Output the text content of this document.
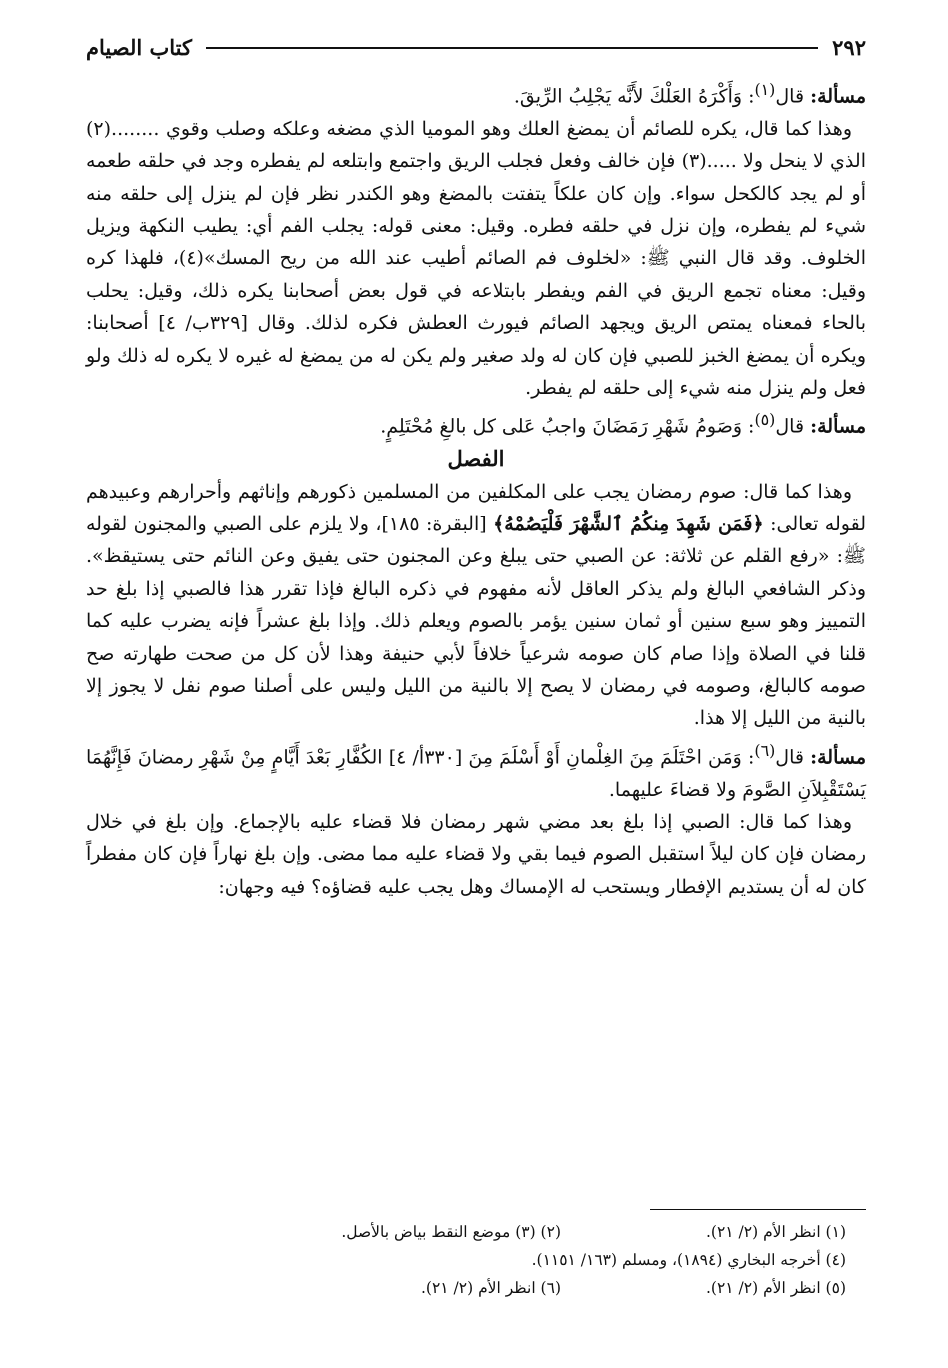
٢٩٢
كتاب الصيام

مسألة: قال$^{(١)}$: وَأَكْرَهُ العَلْكَ لأَنَّه يَجْلِبُ الرِّيقَ.

وهذا كما قال، يكره للصائم أن يمضغ العلك وهو الموميا الذي مضغه وعلكه وصلب وقوي ........(٢) الذي لا ينحل ولا .....(٣) فإن خالف وفعل فجلب الريق واجتمع وابتلعه لم يفطره وجد في حلقه طعمه أو لم يجد كالكحل سواء. وإن كان علكاً يتفتت بالمضغ وهو الكندر نظر فإن لم ينزل إلى حلقه منه شيء لم يفطره، وإن نزل في حلقه فطره. وقيل: معنى قوله: يجلب الفم أي: يطيب النكهة ويزيل الخلوف. وقد قال النبي ﷺ: «لخلوف فم الصائم أطيب عند الله من ريح المسك»(٤)، فلهذا كره وقيل: معناه تجمع الريق في الفم ويفطر بابتلاعه في قول بعض أصحابنا يكره ذلك، وقيل: يحلب بالحاء فمعناه يمتص الريق ويجهد الصائم فيورث العطش فكره لذلك. وقال [٣٢٩ب/ ٤] أصحابنا: ويكره أن يمضغ الخبز للصبي فإن كان له ولد صغير ولم يكن له من يمضغ له غيره لا يكره له ذلك ولو فعل ولم ينزل منه شيء إلى حلقه لم يفطر.

مسألة: قال$^{(٥)}$: وَصَومُ شَهْرِ رَمَضَانَ واجبُ عَلى كل بالغِ مُحْتَلِمٍ.

الفصل

وهذا كما قال: صوم رمضان يجب على المكلفين من المسلمين ذكورهم وإناثهم وأحرارهم وعبيدهم لقوله تعالى: ﴿فَمَن شَهِدَ مِنكُمُ ٱلشَّهْرَ فَلْيَصُمْهُ﴾ [البقرة: ١٨٥]، ولا يلزم على الصبي والمجنون لقوله ﷺ: «رفع القلم عن ثلاثة: عن الصبي حتى يبلغ وعن المجنون حتى يفيق وعن النائم حتى يستيقظ». وذكر الشافعي البالغ ولم يذكر العاقل لأنه مفهوم في ذكره البالغ فإذا تقرر هذا فالصبي إذا بلغ حد التمييز وهو سبع سنين أو ثمان سنين يؤمر بالصوم ويعلم ذلك. وإذا بلغ عشراً فإنه يضرب عليه كما قلنا في الصلاة وإذا صام كان صومه شرعياً خلافاً لأبي حنيفة وهذا لأن كل من صحت طهارته صح صومه كالبالغ، وصومه في رمضان لا يصح إلا بالنية من الليل وليس على أصلنا صوم نفل لا يجوز إلا بالنية من الليل إلا هذا.

مسألة: قال$^{(٦)}$: وَمَن احْتَلَمَ مِنَ الغِلْمانِ أَوْ أَسْلَمَ مِنَ [٣٣٠أ/ ٤] الكُفَّارِ بَعْدَ أَيَّامٍ مِنْ شَهْرِ رمضانَ فَإِنَّهُمَا يَسْتَقْبِلاَنِ الصَّومَ ولا قضاءَ عليهما.

وهذا كما قال: الصبي إذا بلغ بعد مضي شهر رمضان فلا قضاء عليه بالإجماع. وإن بلغ في خلال رمضان فإن كان ليلاً استقبل الصوم فيما بقي ولا قضاء عليه مما مضى. وإن بلغ نهاراً فإن كان مفطراً كان له أن يستديم الإفطار ويستحب له الإمساك وهل يجب عليه قضاؤه؟ فيه وجهان:

(١) انظر الأم (٢/ ٢١).
(٢) (٣) موضع النقط بياض بالأصل.
(٤) أخرجه البخاري (١٨٩٤)، ومسلم (١٦٣/ ١١٥١).
(٥) انظر الأم (٢/ ٢١).
(٦) انظر الأم (٢/ ٢١).
